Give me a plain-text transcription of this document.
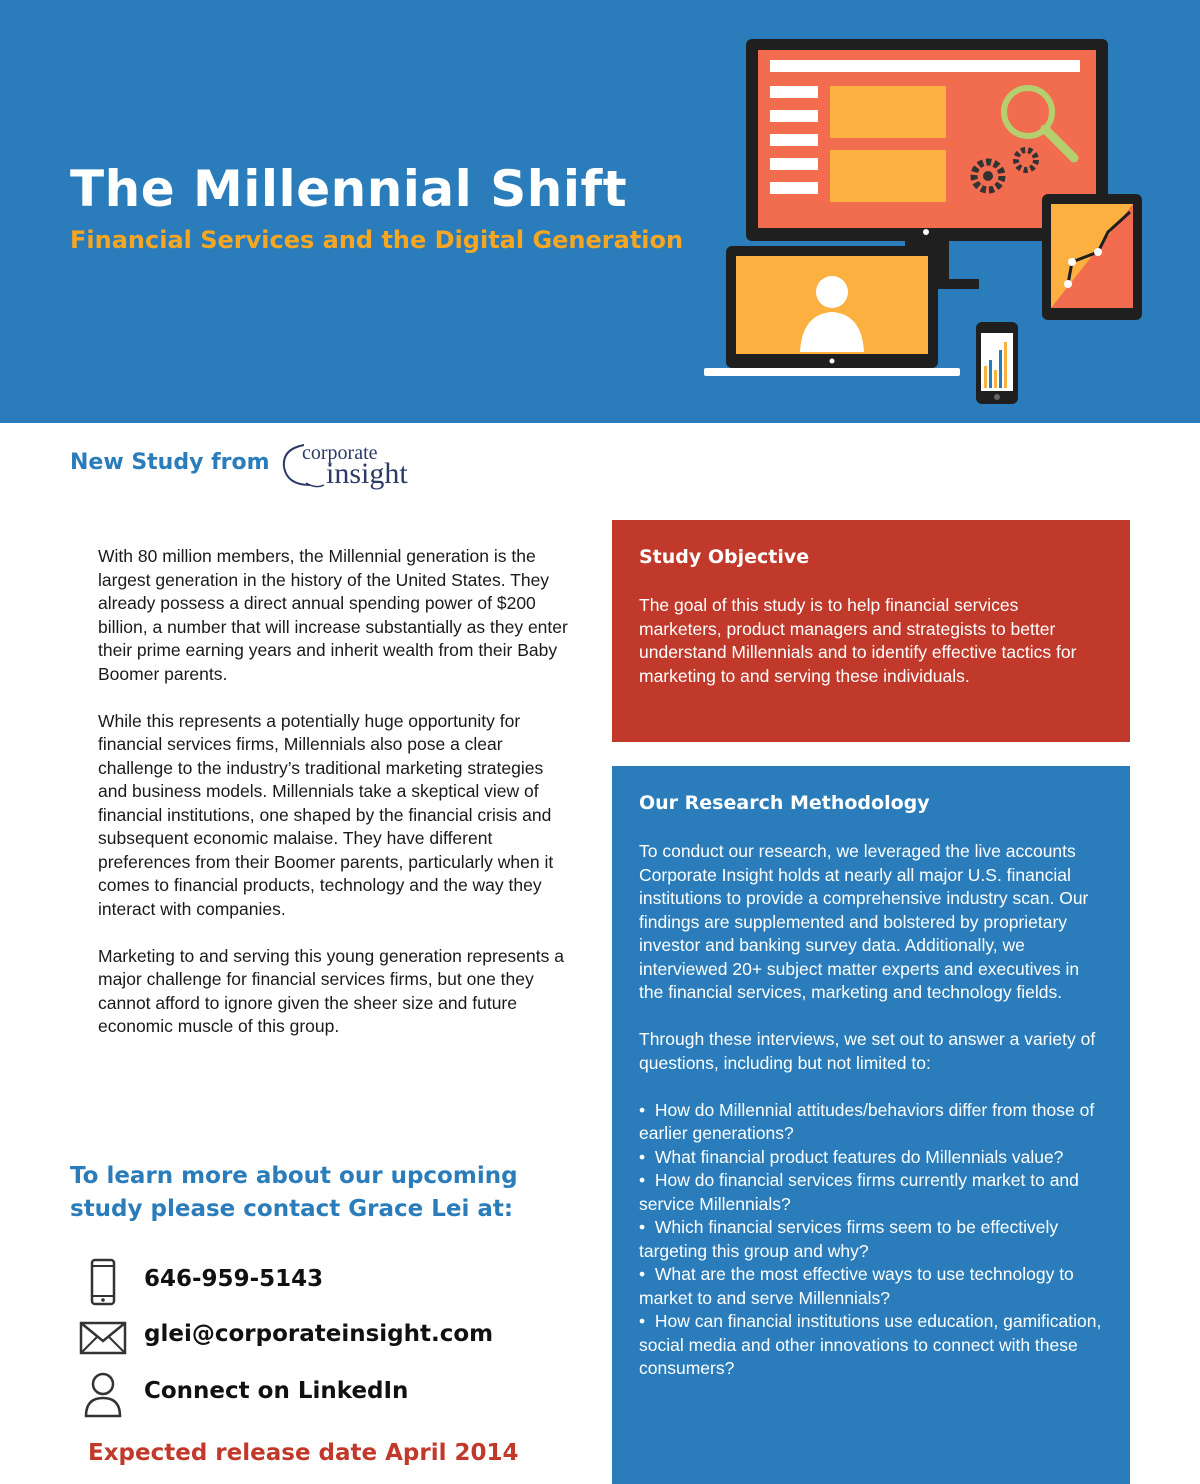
The Millennial Shift
Financial Services and the Digital Generation
New Study from corporate
insight

With 80 million members, the Millennial generation is the largest generation in the history of the United States. They already possess a direct annual spending power of $200 billion, a number that will increase substantially as they enter their prime earning years and inherit wealth from their Baby Boomer parents.

While this represents a potentially huge opportunity for financial services firms, Millennials also pose a clear challenge to the industry’s traditional marketing strategies and business models. Millennials take a skeptical view of financial institutions, one shaped by the financial crisis and subsequent economic malaise. They have different preferences from their Boomer parents, particularly when it comes to financial products, technology and the way they interact with companies.

Marketing to and serving this young generation represents a major challenge for financial services firms, but one they cannot afford to ignore given the sheer size and future economic muscle of this group.

To learn more about our upcoming study please contact Grace Lei at:
646-959-5143
glei@corporateinsight.com
Connect on LinkedIn
Expected release date April 2014
Study Objective
The goal of this study is to help financial services marketers, product managers and strategists to better understand Millennials and to identify effective tactics for marketing to and serving these individuals.
Our Research Methodology
To conduct our research, we leveraged the live accounts Corporate Insight holds at nearly all major U.S. financial institutions to provide a comprehensive industry scan. Our findings are supplemented and bolstered by proprietary investor and banking survey data. Additionally, we interviewed 20+ subject matter experts and executives in the financial services, marketing and technology fields.
Through these interviews, we set out to answer a variety of questions, including but not limited to:
•  How do Millennial attitudes/behaviors differ from those of earlier generations?
•  What financial product features do Millennials value?
•  How do financial services firms currently market to and service Millennials?
•  Which financial services firms seem to be effectively targeting this group and why?
•  What are the most effective ways to use technology to market to and serve Millennials?
•  How can financial institutions use education, gamification, social media and other innovations to connect with these consumers?
